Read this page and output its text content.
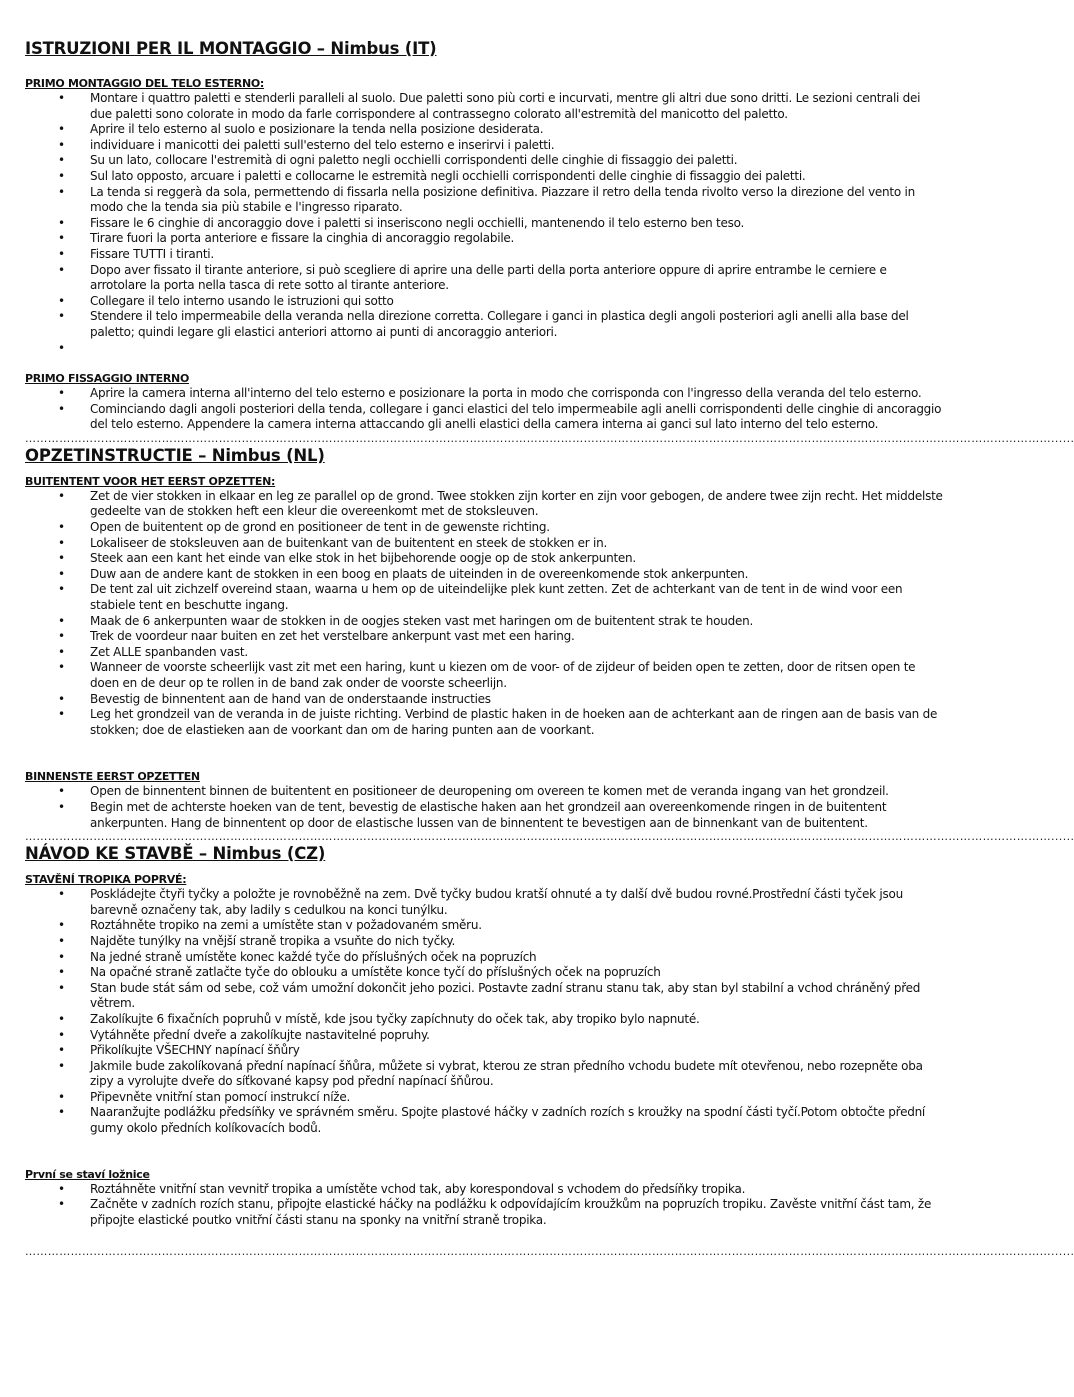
ISTRUZIONI PER IL MONTAGGIO – Nimbus (IT)
PRIMO MONTAGGIO DEL TELO ESTERNO:
• Montare i quattro paletti e stenderli paralleli al suolo. Due paletti sono più corti e incurvati, mentre gli altri due sono dritti. Le sezioni centrali dei due paletti sono colorate in modo da farle corrispondere al contrassegno colorato all'estremità del manicotto del paletto.
• Aprire il telo esterno al suolo e posizionare la tenda nella posizione desiderata.
• individuare i manicotti dei paletti sull'esterno del telo esterno e inserirvi i paletti.
• Su un lato, collocare l'estremità di ogni paletto negli occhielli corrispondenti delle cinghie di fissaggio dei paletti.
• Sul lato opposto, arcuare i paletti e collocarne le estremità negli occhielli corrispondenti delle cinghie di fissaggio dei paletti.
• La tenda si reggerà da sola, permettendo di fissarla nella posizione definitiva. Piazzare il retro della tenda rivolto verso la direzione del vento in modo che la tenda sia più stabile e l'ingresso riparato.
• Fissare le 6 cinghie di ancoraggio dove i paletti si inseriscono negli occhielli, mantenendo il telo esterno ben teso.
• Tirare fuori la porta anteriore e fissare la cinghia di ancoraggio regolabile.
• Fissare TUTTI i tiranti.
• Dopo aver fissato il tirante anteriore, si può scegliere di aprire una delle parti della porta anteriore oppure di aprire entrambe le cerniere e arrotolare la porta nella tasca di rete sotto al tirante anteriore.
• Collegare il telo interno usando le istruzioni qui sotto
• Stendere il telo impermeabile della veranda nella direzione corretta. Collegare i ganci in plastica degli angoli posteriori agli anelli alla base del paletto; quindi legare gli elastici anteriori attorno ai punti di ancoraggio anteriori.
•
PRIMO FISSAGGIO INTERNO
• Aprire la camera interna all'interno del telo esterno e posizionare la porta in modo che corrisponda con l'ingresso della veranda del telo esterno.
• Cominciando dagli angoli posteriori della tenda, collegare i ganci elastici del telo impermeabile agli anelli corrispondenti delle cinghie di ancoraggio del telo esterno. Appendere la camera interna attaccando gli anelli elastici della camera interna ai ganci sul lato interno del telo esterno.
………………………………………………………………………………………………………………………………………………………………………………………………………………………………………………......
OPZETINSTRUCTIE – Nimbus (NL)
BUITENTENT VOOR HET EERST OPZETTEN:
• Zet de vier stokken in elkaar en leg ze parallel op de grond. Twee stokken zijn korter en zijn voor gebogen, de andere twee zijn recht. Het middelste gedeelte van de stokken heft een kleur die overeenkomt met de stoksleuven.
• Open de buitentent op de grond en positioneer de tent in de gewenste richting.
• Lokaliseer de stoksleuven aan de buitenkant van de buitentent en steek de stokken er in.
• Steek aan een kant het einde van elke stok in het bijbehorende oogje op de stok ankerpunten.
• Duw aan de andere kant de stokken in een boog en plaats de uiteinden in de overeenkomende stok ankerpunten.
• De tent zal uit zichzelf overeind staan, waarna u hem op de uiteindelijke plek kunt zetten. Zet de achterkant van de tent in de wind voor een stabiele tent en beschutte ingang.
• Maak de 6 ankerpunten waar de stokken in de oogjes steken vast met haringen om de buitentent strak te houden.
• Trek de voordeur naar buiten en zet het verstelbare ankerpunt vast met een haring.
• Zet ALLE spanbanden vast.
• Wanneer de voorste scheerlijk vast zit met een haring, kunt u kiezen om de voor- of de zijdeur of beiden open te zetten, door de ritsen open te doen en de deur op te rollen in de band zak onder de voorste scheerlijn.
• Bevestig de binnentent aan de hand van de onderstaande instructies
• Leg het grondzeil van de veranda in de juiste richting. Verbind de plastic haken in de hoeken aan de achterkant aan de ringen aan de basis van de stokken; doe de elastieken aan de voorkant dan om de haring punten aan de voorkant.
BINNENSTE EERST OPZETTEN
• Open de binnentent binnen de buitentent en positioneer de deuropening om overeen te komen met de veranda ingang van het grondzeil.
• Begin met de achterste hoeken van de tent, bevestig de elastische haken aan het grondzeil aan overeenkomende ringen in de buitentent ankerpunten. Hang de binnentent op door de elastische lussen van de binnentent te bevestigen aan de binnenkant van de buitentent.
………………………………………………………………………………………………………………………………………………………………………………………………………………………………………………......
NÁVOD KE STAVBĚ – Nimbus (CZ)
STAVĚNÍ TROPIKA POPRVÉ:
• Poskládejte čtyři tyčky a položte je rovnoběžně na zem. Dvě tyčky budou kratší ohnuté a ty další dvě budou rovné.Prostřední části tyček jsou barevně označeny tak, aby ladily s cedulkou na konci tunýlku.
• Roztáhněte tropiko na zemi a umístěte stan v požadovaném směru.
• Najděte tunýlky na vnější straně tropika a vsuňte do nich tyčky.
• Na jedné straně umístěte konec každé tyče do příslušných oček na popruzích
• Na opačné straně zatlačte tyče do oblouku a umístěte konce tyčí do příslušných oček na popruzích
• Stan bude stát sám od sebe, což vám umožní dokončit jeho pozici. Postavte zadní stranu stanu tak, aby stan byl stabilní a vchod chráněný před větrem.
• Zakolíkujte 6 fixačních popruhů v místě, kde jsou tyčky zapíchnuty do oček tak, aby tropiko bylo napnuté.
• Vytáhněte přední dveře a zakolíkujte nastavitelné popruhy.
• Přikolíkujte VŠECHNY napínací šňůry
• Jakmile bude zakolíkovaná přední napínací šňůra, můžete si vybrat, kterou ze stran předního vchodu budete mít otevřenou, nebo rozepněte oba zipy a vyrolujte dveře do síťkované kapsy pod přední napínací šňůrou.
• Připevněte vnitřní stan pomocí instrukcí níže.
• Naaranžujte podlážku předsíňky ve správném směru. Spojte plastové háčky v zadních rozích s kroužky na spodní části tyčí.Potom obtočte přední gumy okolo předních kolíkovacích bodů.
První se staví ložnice
• Roztáhněte vnitřní stan vevnitř tropika a umístěte vchod tak, aby korespondoval s vchodem do předsíňky tropika.
• Začněte v zadních rozích stanu, připojte elastické háčky na podlážku k odpovídajícím kroužkům na popruzích tropiku. Zavěste vnitřní část tam, že připojte elastické poutko vnitřní části stanu na sponky na vnitřní straně tropika.
………………………………………………………………………………………………………………………………………………………………………………………………………………………………………………......
